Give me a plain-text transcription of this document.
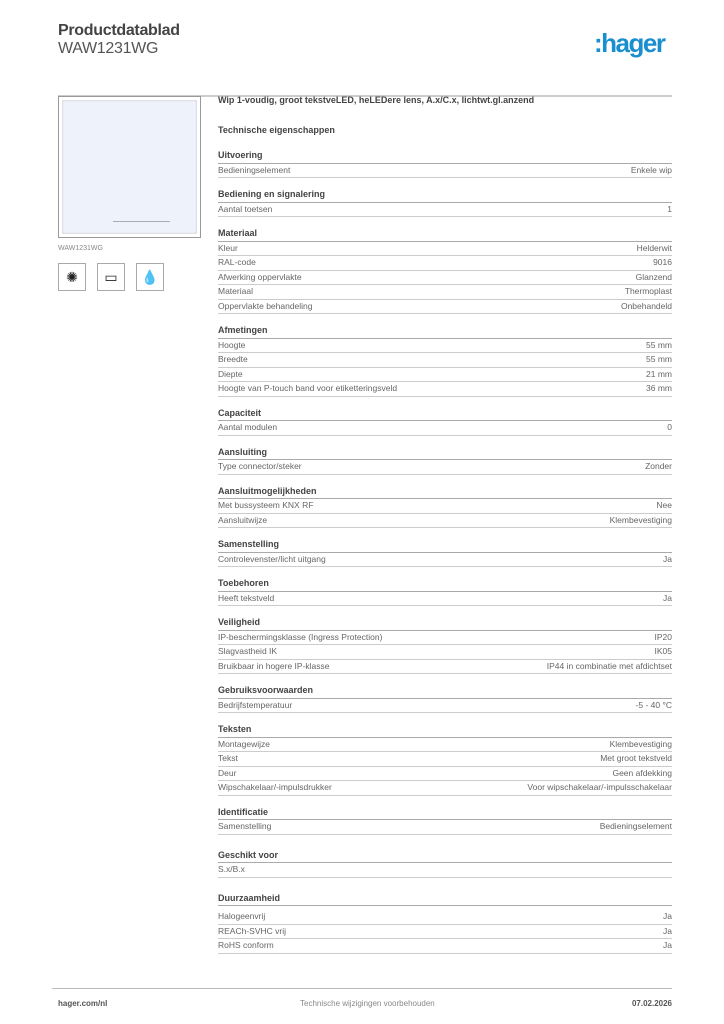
Productdatablad
WAW1231WG	:hager
WAW1231WG
✺	▭	💧
Wip 1-voudig, groot tekstveLED, heLEDere lens, A.x/C.x, lichtwt.gl.anzend
Technische eigenschappen
Uitvoering
Bedieningselement	Enkele wip
Bediening en signalering
Aantal toetsen	1
Materiaal
Kleur	Helderwit
RAL-code	9016
Afwerking oppervlakte	Glanzend
Materiaal	Thermoplast
Oppervlakte behandeling	Onbehandeld
Afmetingen
Hoogte	55 mm
Breedte	55 mm
Diepte	21 mm
Hoogte van P-touch band voor etiketteringsveld	36 mm
Capaciteit
Aantal modulen	0
Aansluiting
Type connector/steker	Zonder
Aansluitmogelijkheden
Met bussysteem KNX RF	Nee
Aansluitwijze	Klembevestiging
Samenstelling
Controlevenster/licht uitgang	Ja
Toebehoren
Heeft tekstveld	Ja
Veiligheid
IP-beschermingsklasse (Ingress Protection)	IP20
Slagvastheid IK	IK05
Bruikbaar in hogere IP-klasse	IP44 in combinatie met afdichtset
Gebruiksvoorwaarden
Bedrijfstemperatuur	-5 - 40 °C
Teksten
Montagewijze	Klembevestiging
Tekst	Met groot tekstveld
Deur	Geen afdekking
Wipschakelaar/-impulsdrukker	Voor wipschakelaar/-impulsschakelaar
Identificatie
Samenstelling	Bedieningselement
Geschikt voor
S.x/B.x
Duurzaamheid
Halogeenvrij	Ja
REACh-SVHC vrij	Ja
RoHS conform	Ja
hager.com/nl	Technische wijzigingen voorbehouden	07.02.2026
